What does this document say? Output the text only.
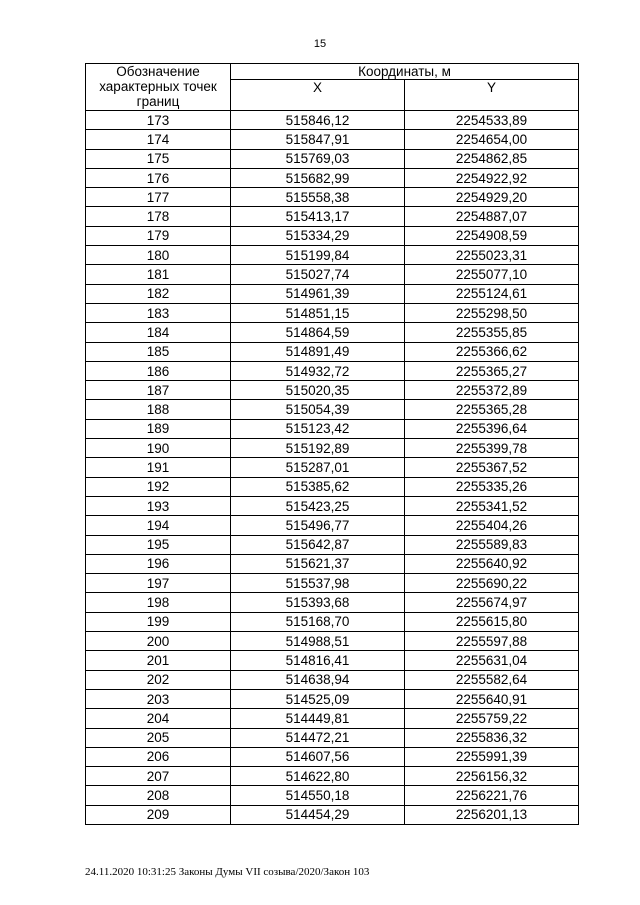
15
Обозначение характерных точек границ	Координаты, м	
	X	Y
173	515846,12	2254533,89
174	515847,91	2254654,00
175	515769,03	2254862,85
176	515682,99	2254922,92
177	515558,38	2254929,20
178	515413,17	2254887,07
179	515334,29	2254908,59
180	515199,84	2255023,31
181	515027,74	2255077,10
182	514961,39	2255124,61
183	514851,15	2255298,50
184	514864,59	2255355,85
185	514891,49	2255366,62
186	514932,72	2255365,27
187	515020,35	2255372,89
188	515054,39	2255365,28
189	515123,42	2255396,64
190	515192,89	2255399,78
191	515287,01	2255367,52
192	515385,62	2255335,26
193	515423,25	2255341,52
194	515496,77	2255404,26
195	515642,87	2255589,83
196	515621,37	2255640,92
197	515537,98	2255690,22
198	515393,68	2255674,97
199	515168,70	2255615,80
200	514988,51	2255597,88
201	514816,41	2255631,04
202	514638,94	2255582,64
203	514525,09	2255640,91
204	514449,81	2255759,22
205	514472,21	2255836,32
206	514607,56	2255991,39
207	514622,80	2256156,32
208	514550,18	2256221,76
209	514454,29	2256201,13
24.11.2020 10:31:25 Законы Думы VII созыва/2020/Закон 103
